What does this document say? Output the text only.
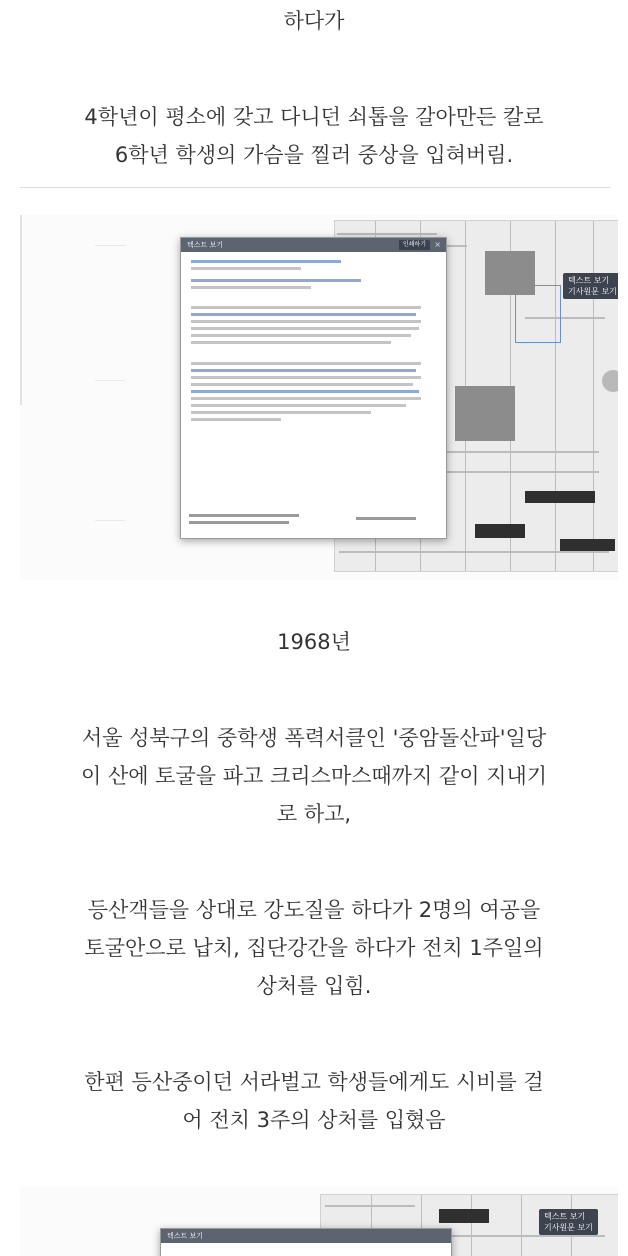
하다가
4학년이 평소에 갖고 다니던 쇠톱을 갈아만든 칼로
6학년 학생의 가슴을 찔러 중상을 입혀버림.
텍스트 보기
기사원문 보기
텍스트 보기	인쇄하기	×
1968년
서울 성북구의 중학생 폭력서클인 '중암돌산파'일당
이 산에 토굴을 파고 크리스마스때까지 같이 지내기
로 하고,
등산객들을 상대로 강도질을 하다가 2명의 여공을
토굴안으로 납치, 집단강간을 하다가 전치 1주일의
상처를 입힘.
한편 등산중이던 서라벌고 학생들에게도 시비를 걸
어 전치 3주의 상처를 입혔음
텍스트 보기
기사원문 보기
텍스트 보기
